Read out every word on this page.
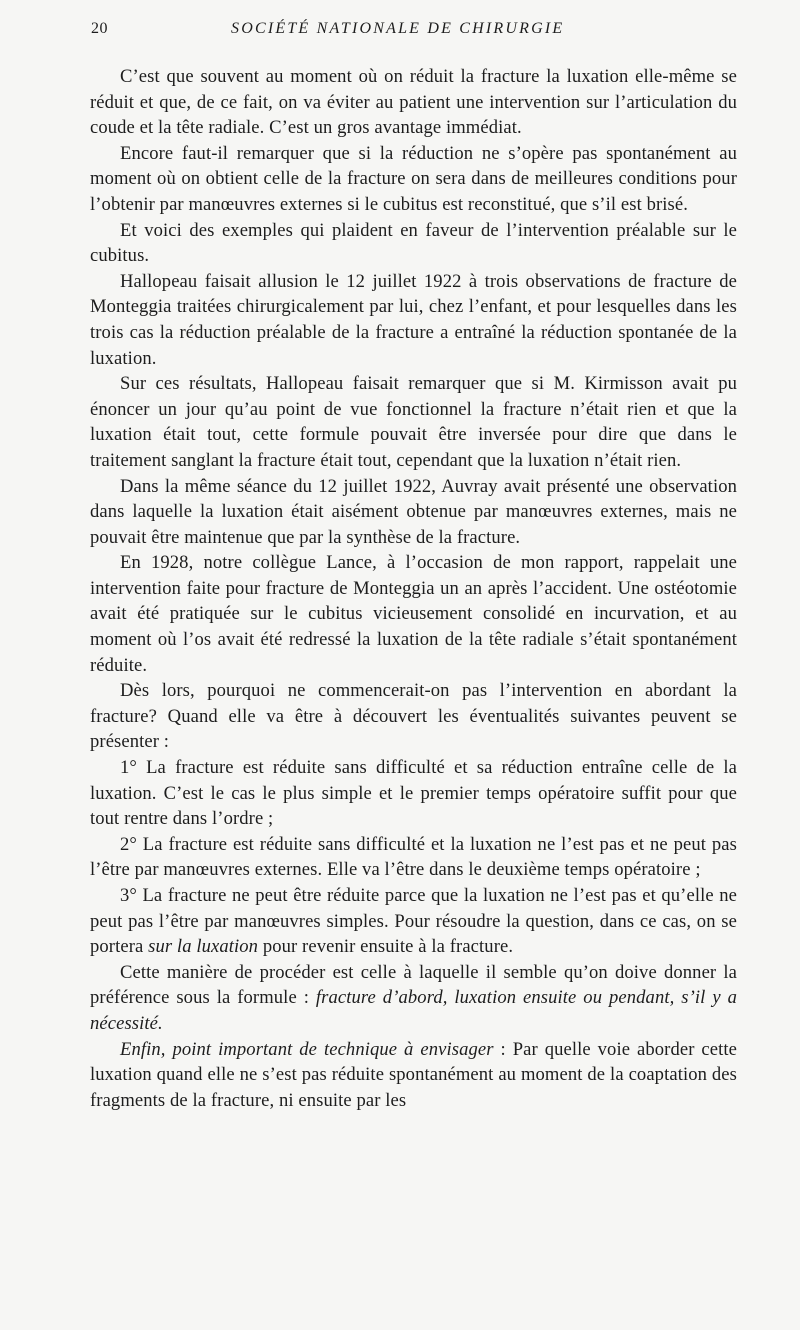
20	SOCIÉTÉ NATIONALE DE CHIRURGIE

C’est que souvent au moment où on réduit la fracture la luxation elle-même se réduit et que, de ce fait, on va éviter au patient une intervention sur l’articulation du coude et la tête radiale. C’est un gros avantage immédiat.

Encore faut-il remarquer que si la réduction ne s’opère pas spontanément au moment où on obtient celle de la fracture on sera dans de meilleures conditions pour l’obtenir par manœuvres externes si le cubitus est reconstitué, que s’il est brisé.

Et voici des exemples qui plaident en faveur de l’intervention préalable sur le cubitus.

Hallopeau faisait allusion le 12 juillet 1922 à trois observations de fracture de Monteggia traitées chirurgicalement par lui, chez l’enfant, et pour lesquelles dans les trois cas la réduction préalable de la fracture a entraîné la réduction spontanée de la luxation.

Sur ces résultats, Hallopeau faisait remarquer que si M. Kirmisson avait pu énoncer un jour qu’au point de vue fonctionnel la fracture n’était rien et que la luxation était tout, cette formule pouvait être inversée pour dire que dans le traitement sanglant la fracture était tout, cependant que la luxation n’était rien.

Dans la même séance du 12 juillet 1922, Auvray avait présenté une observation dans laquelle la luxation était aisément obtenue par manœuvres externes, mais ne pouvait être maintenue que par la synthèse de la fracture.

En 1928, notre collègue Lance, à l’occasion de mon rapport, rappelait une intervention faite pour fracture de Monteggia un an après l’accident. Une ostéotomie avait été pratiquée sur le cubitus vicieusement consolidé en incurvation, et au moment où l’os avait été redressé la luxation de la tête radiale s’était spontanément réduite.

Dès lors, pourquoi ne commencerait-on pas l’intervention en abordant la fracture? Quand elle va être à découvert les éventualités suivantes peuvent se présenter :

1° La fracture est réduite sans difficulté et sa réduction entraîne celle de la luxation. C’est le cas le plus simple et le premier temps opératoire suffit pour que tout rentre dans l’ordre ;

2° La fracture est réduite sans difficulté et la luxation ne l’est pas et ne peut pas l’être par manœuvres externes. Elle va l’être dans le deuxième temps opératoire ;

3° La fracture ne peut être réduite parce que la luxation ne l’est pas et qu’elle ne peut pas l’être par manœuvres simples. Pour résoudre la question, dans ce cas, on se portera sur la luxation pour revenir ensuite à la fracture.

Cette manière de procéder est celle à laquelle il semble qu’on doive donner la préférence sous la formule : fracture d’abord, luxation ensuite ou pendant, s’il y a nécessité.

Enfin, point important de technique à envisager : Par quelle voie aborder cette luxation quand elle ne s’est pas réduite spontanément au moment de la coaptation des fragments de la fracture, ni ensuite par les
